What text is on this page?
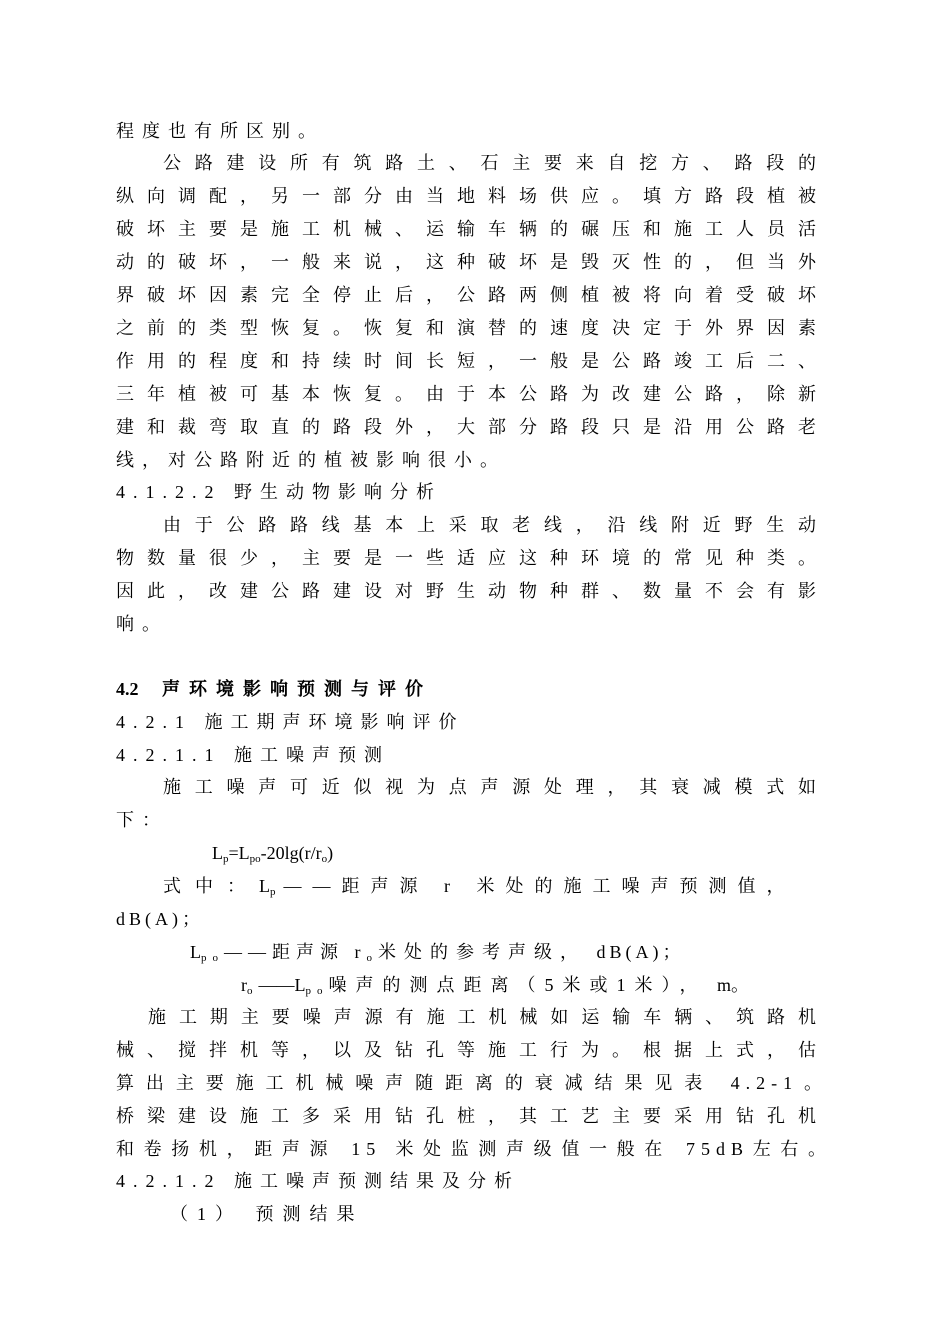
程度也有所区别。
公路建设所有筑路土、石主要来自挖方、路段的
纵向调配，另一部分由当地料场供应。填方路段植被
破坏主要是施工机械、运输车辆的碾压和施工人员活
动的破坏，一般来说，这种破坏是毁灭性的，但当外
界破坏因素完全停止后，公路两侧植被将向着受破坏
之前的类型恢复。恢复和演替的速度决定于外界因素
作用的程度和持续时间长短，一般是公路竣工后二、
三年植被可基本恢复。由于本公路为改建公路，除新
建和裁弯取直的路段外，大部分路段只是沿用公路老
线，对公路附近的植被影响很小。
4.1.2.2 野生动物影响分析
由于公路路线基本上采取老线，沿线附近野生动
物数量很少，主要是一些适应这种环境的常见种类。
因此，改建公路建设对野生动物种群、数量不会有影
响。
4.2 声环境影响预测与评价
4.2.1 施工期声环境影响评价
4.2.1.1 施工噪声预测
施工噪声可近似视为点声源处理，其衰减模式如
下：
$L_p=L_{po}-20\lg(r/r_o)$
式中：$L_p——$距声源 r 米处的施工噪声预测值，
dB(A)；
$L_{po}——$距声源 $r_o$米处的参考声级， dB(A)；
$r_o——L_{po}$噪声的测点距离（5米或1米）， m。
施工期主要噪声源有施工机械如运输车辆、筑路机
械、搅拌机等，以及钻孔等施工行为。根据上式，估
算出主要施工机械噪声随距离的衰减结果见表 4.2-1。
桥梁建设施工多采用钻孔桩，其工艺主要采用钻孔机
和卷扬机，距声源 15 米处监测声级值一般在 75dB左右。
4.2.1.2 施工噪声预测结果及分析
（1） 预测结果
